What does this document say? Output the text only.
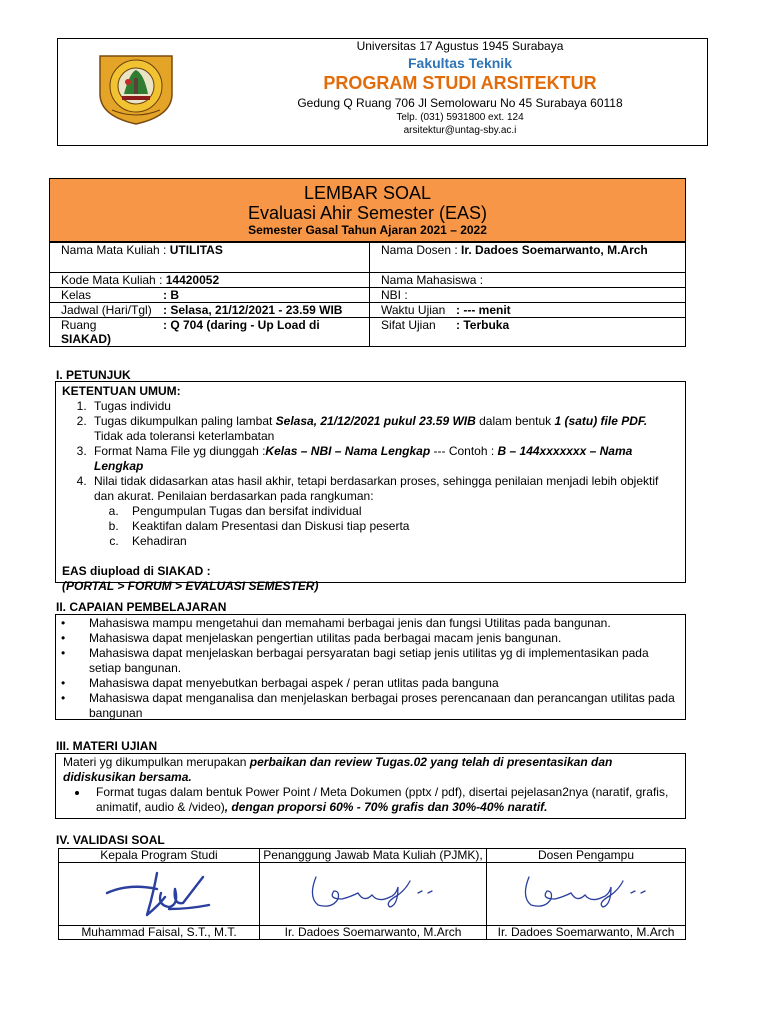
Universitas 17 Agustus 1945 Surabaya
Fakultas Teknik
PROGRAM STUDI ARSITEKTUR
Gedung Q Ruang 706 Jl Semolowaru No 45 Surabaya 60118
Telp. (031) 5931800 ext. 124
arsitektur@untag-sby.ac.i
LEMBAR SOAL
Evaluasi Ahir Semester (EAS)
Semester Gasal Tahun Ajaran 2021 – 2022
Nama Mata Kuliah : UTILITAS	Nama Dosen : Ir. Dadoes Soemarwanto, M.Arch
Kode Mata Kuliah : 14420052	Nama Mahasiswa :
Kelas : B	NBI :
Jadwal (Hari/Tgl) : Selasa, 21/12/2021 - 23.59 WIB	Waktu Ujian : --- menit
Ruang : Q 704 (daring - Up Load di SIAKAD)	Sifat Ujian : Terbuka
I. PETUNJUK
KETENTUAN UMUM:
1. Tugas individu
2. Tugas dikumpulkan paling lambat Selasa, 21/12/2021 pukul 23.59 WIB dalam bentuk 1 (satu) file PDF. Tidak ada toleransi keterlambatan
3. Format Nama File yg diunggah :Kelas – NBI – Nama Lengkap --- Contoh : B – 144xxxxxxx – Nama Lengkap
4. Nilai tidak didasarkan atas hasil akhir, tetapi berdasarkan proses, sehingga penilaian menjadi lebih objektif dan akurat. Penilaian berdasarkan pada rangkuman:
a. Pengumpulan Tugas dan bersifat individual
b. Keaktifan dalam Presentasi dan Diskusi tiap peserta
c. Kehadiran
EAS diupload di SIAKAD :
(PORTAL > FORUM > EVALUASI SEMESTER)
II. CAPAIAN PEMBELAJARAN
• Mahasiswa mampu mengetahui dan memahami berbagai jenis dan fungsi Utilitas pada bangunan.
• Mahasiswa dapat menjelaskan pengertian utilitas pada berbagai macam jenis bangunan.
• Mahasiswa dapat menjelaskan berbagai persyaratan bagi setiap jenis utilitas yg di implementasikan pada setiap bangunan.
• Mahasiswa dapat menyebutkan berbagai aspek / peran utlitas pada banguna
• Mahasiswa dapat menganalisa dan menjelaskan berbagai proses perencanaan dan perancangan utilitas pada bangunan
III. MATERI UJIAN
Materi yg dikumpulkan merupakan perbaikan dan review Tugas.02 yang telah di presentasikan dan didiskusikan bersama.
• Format tugas dalam bentuk Power Point / Meta Dokumen (pptx / pdf), disertai pejelasan2nya (naratif, grafis, animatif, audio & /video), dengan proporsi 60% - 70% grafis dan 30%-40% naratif.
IV. VALIDASI SOAL
Kepala Program Studi	Penanggung Jawab Mata Kuliah (PJMK),	Dosen Pengampu

Muhammad Faisal, S.T., M.T.	Ir. Dadoes Soemarwanto, M.Arch	Ir. Dadoes Soemarwanto, M.Arch
